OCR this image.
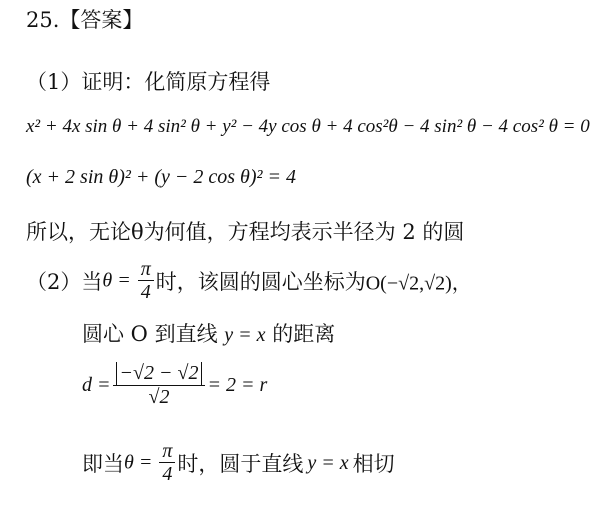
25.【答案】
（1）证明：化简原方程得
x² + 4x sin θ + 4 sin² θ + y² − 4y cos θ + 4 cos²θ − 4 sin² θ − 4 cos² θ = 0
(x + 2 sin θ)² + (y − 2 cos θ)² = 4
所以，无论θ为何值，方程均表示半径为 2 的圆
（2）当$\theta = \frac{\pi}{4}$ 时，该圆的圆心坐标为O(−√2,√2)，
圆心 O 到直线 y = x 的距离
$d = \frac{-√2 - √2}{√2} = 2 = r$
即当$\theta = \frac{\pi}{4}$ 时，圆于直线 y = x 相切
